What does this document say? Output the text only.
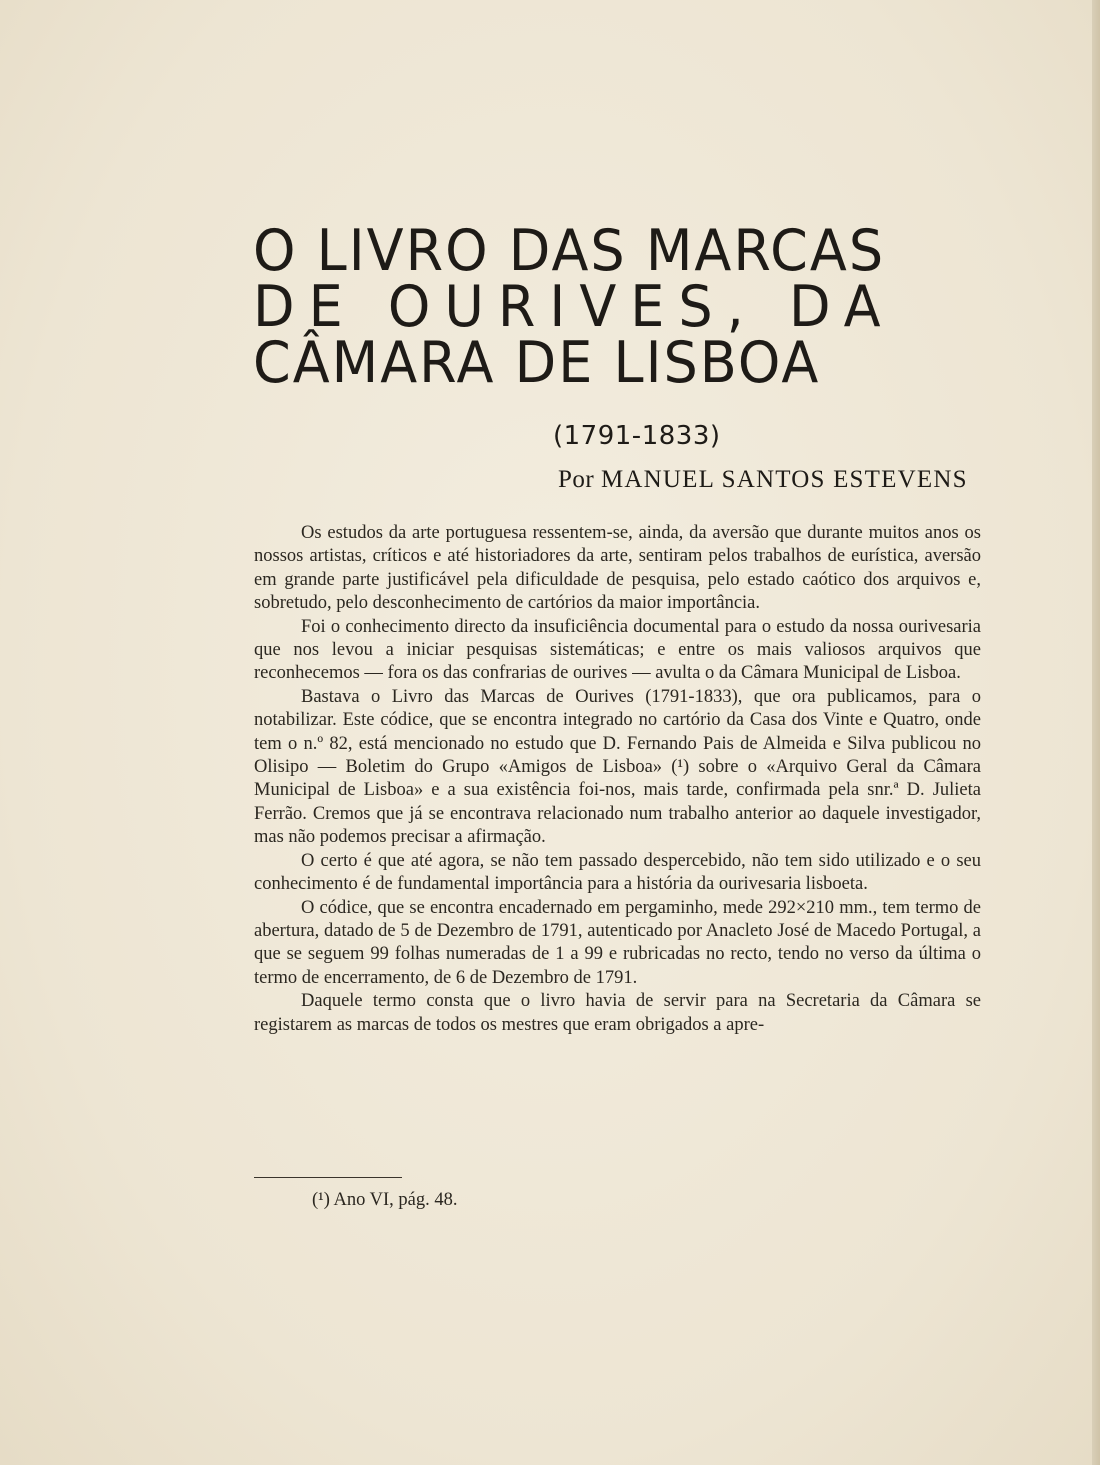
O LIVRO DAS MARCAS
DE OURIVES, DA
CÂMARA DE LISBOA
(1791-1833)
Por MANUEL SANTOS ESTEVENS

Os estudos da arte portuguesa ressentem-se, ainda, da aversão que durante muitos anos os nossos artistas, críticos e até historiadores da arte, sentiram pelos trabalhos de eurística, aversão em grande parte justificável pela dificuldade de pesquisa, pelo estado caótico dos arquivos e, sobretudo, pelo desconhecimento de cartórios da maior importância.

Foi o conhecimento directo da insuficiência documental para o estudo da nossa ourivesaria que nos levou a iniciar pesquisas sistemáticas; e entre os mais valiosos arquivos que reconhecemos — fora os das confrarias de ourives — avulta o da Câmara Municipal de Lisboa.

Bastava o Livro das Marcas de Ourives (1791-1833), que ora publicamos, para o notabilizar. Este códice, que se encontra integrado no cartório da Casa dos Vinte e Quatro, onde tem o n.º 82, está mencionado no estudo que D. Fernando Pais de Almeida e Silva publicou no Olisipo — Boletim do Grupo «Amigos de Lisboa» (¹) sobre o «Arquivo Geral da Câmara Municipal de Lisboa» e a sua existência foi-nos, mais tarde, confirmada pela snr.ª D. Julieta Ferrão. Cremos que já se encontrava relacionado num trabalho anterior ao daquele investigador, mas não podemos precisar a afirmação.

O certo é que até agora, se não tem passado despercebido, não tem sido utilizado e o seu conhecimento é de fundamental importância para a história da ourivesaria lisboeta.

O códice, que se encontra encadernado em pergaminho, mede 292×210 mm., tem termo de abertura, datado de 5 de Dezembro de 1791, autenticado por Anacleto José de Macedo Portugal, a que se seguem 99 folhas numeradas de 1 a 99 e rubricadas no recto, tendo no verso da última o termo de encerramento, de 6 de Dezembro de 1791.

Daquele termo consta que o livro havia de servir para na Secretaria da Câmara se registarem as marcas de todos os mestres que eram obrigados a apre-

(¹) Ano VI, pág. 48.
